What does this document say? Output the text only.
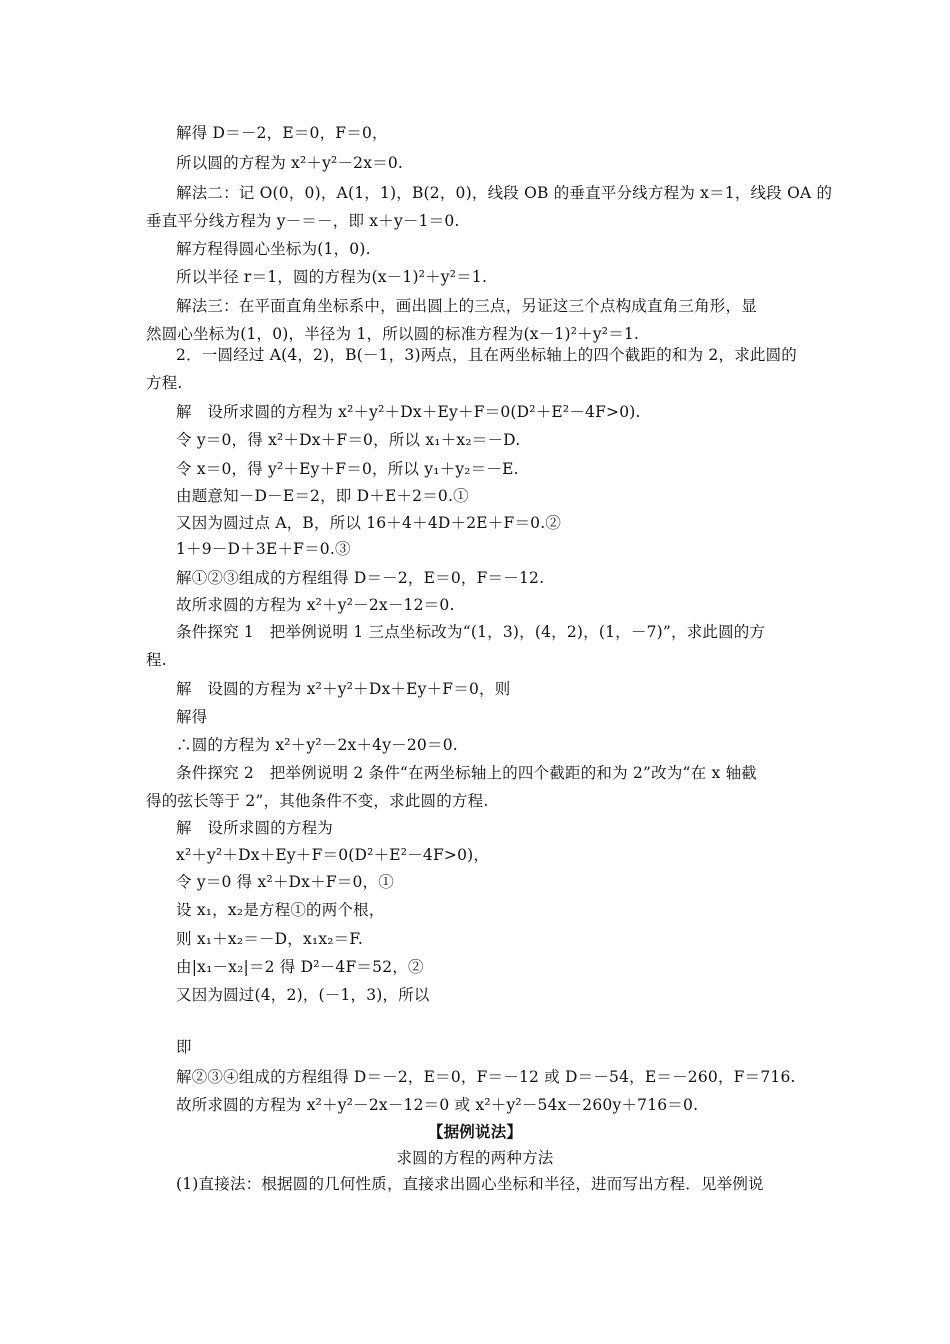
解得 D＝－2，E＝0，F＝0，
所以圆的方程为 x²＋y²－2x＝0.
解法二：记 O(0，0)，A(1，1)，B(2，0)，线段 OB 的垂直平分线方程为 x＝1，线段 OA 的
垂直平分线方程为 y－＝－，即 x＋y－1＝0.
解方程得圆心坐标为(1，0).
所以半径 r＝1，圆的方程为(x－1)²＋y²＝1.
解法三：在平面直角坐标系中，画出圆上的三点，另证这三个点构成直角三角形，显
然圆心坐标为(1，0)，半径为 1，所以圆的标准方程为(x－1)²＋y²＝1.
2．一圆经过 A(4，2)，B(－1，3)两点，且在两坐标轴上的四个截距的和为 2，求此圆的
方程.
解　设所求圆的方程为 x²＋y²＋Dx＋Ey＋F＝0(D²＋E²－4F>0).
令 y＝0，得 x²＋Dx＋F＝0，所以 x₁＋x₂＝－D.
令 x＝0，得 y²＋Ey＋F＝0，所以 y₁＋y₂＝－E.
由题意知－D－E＝2，即 D＋E＋2＝0.①
又因为圆过点 A，B，所以 16＋4＋4D＋2E＋F＝0.②
1＋9－D＋3E＋F＝0.③
解①②③组成的方程组得 D＝－2，E＝0，F＝－12.
故所求圆的方程为 x²＋y²－2x－12＝0.
条件探究 1　把举例说明 1 三点坐标改为“(1，3)，(4，2)，(1，－7)”，求此圆的方
程.
解　设圆的方程为 x²＋y²＋Dx＋Ey＋F＝0，则
解得
∴圆的方程为 x²＋y²－2x＋4y－20＝0.
条件探究 2　把举例说明 2 条件“在两坐标轴上的四个截距的和为 2”改为“在 x 轴截
得的弦长等于 2”，其他条件不变，求此圆的方程.
解　设所求圆的方程为
x²＋y²＋Dx＋Ey＋F＝0(D²＋E²－4F>0)，
令 y＝0 得 x²＋Dx＋F＝0，①
设 x₁，x₂是方程①的两个根，
则 x₁＋x₂＝－D，x₁x₂＝F.
由|x₁－x₂|＝2 得 D²－4F＝52，②
又因为圆过(4，2)，(－1，3)，所以
即
解②③④组成的方程组得 D＝－2，E＝0，F＝－12 或 D＝－54，E＝－260，F＝716.
故所求圆的方程为 x²＋y²－2x－12＝0 或 x²＋y²－54x－260y＋716＝0.
【据例说法】
求圆的方程的两种方法
(1)直接法：根据圆的几何性质，直接求出圆心坐标和半径，进而写出方程．见举例说
